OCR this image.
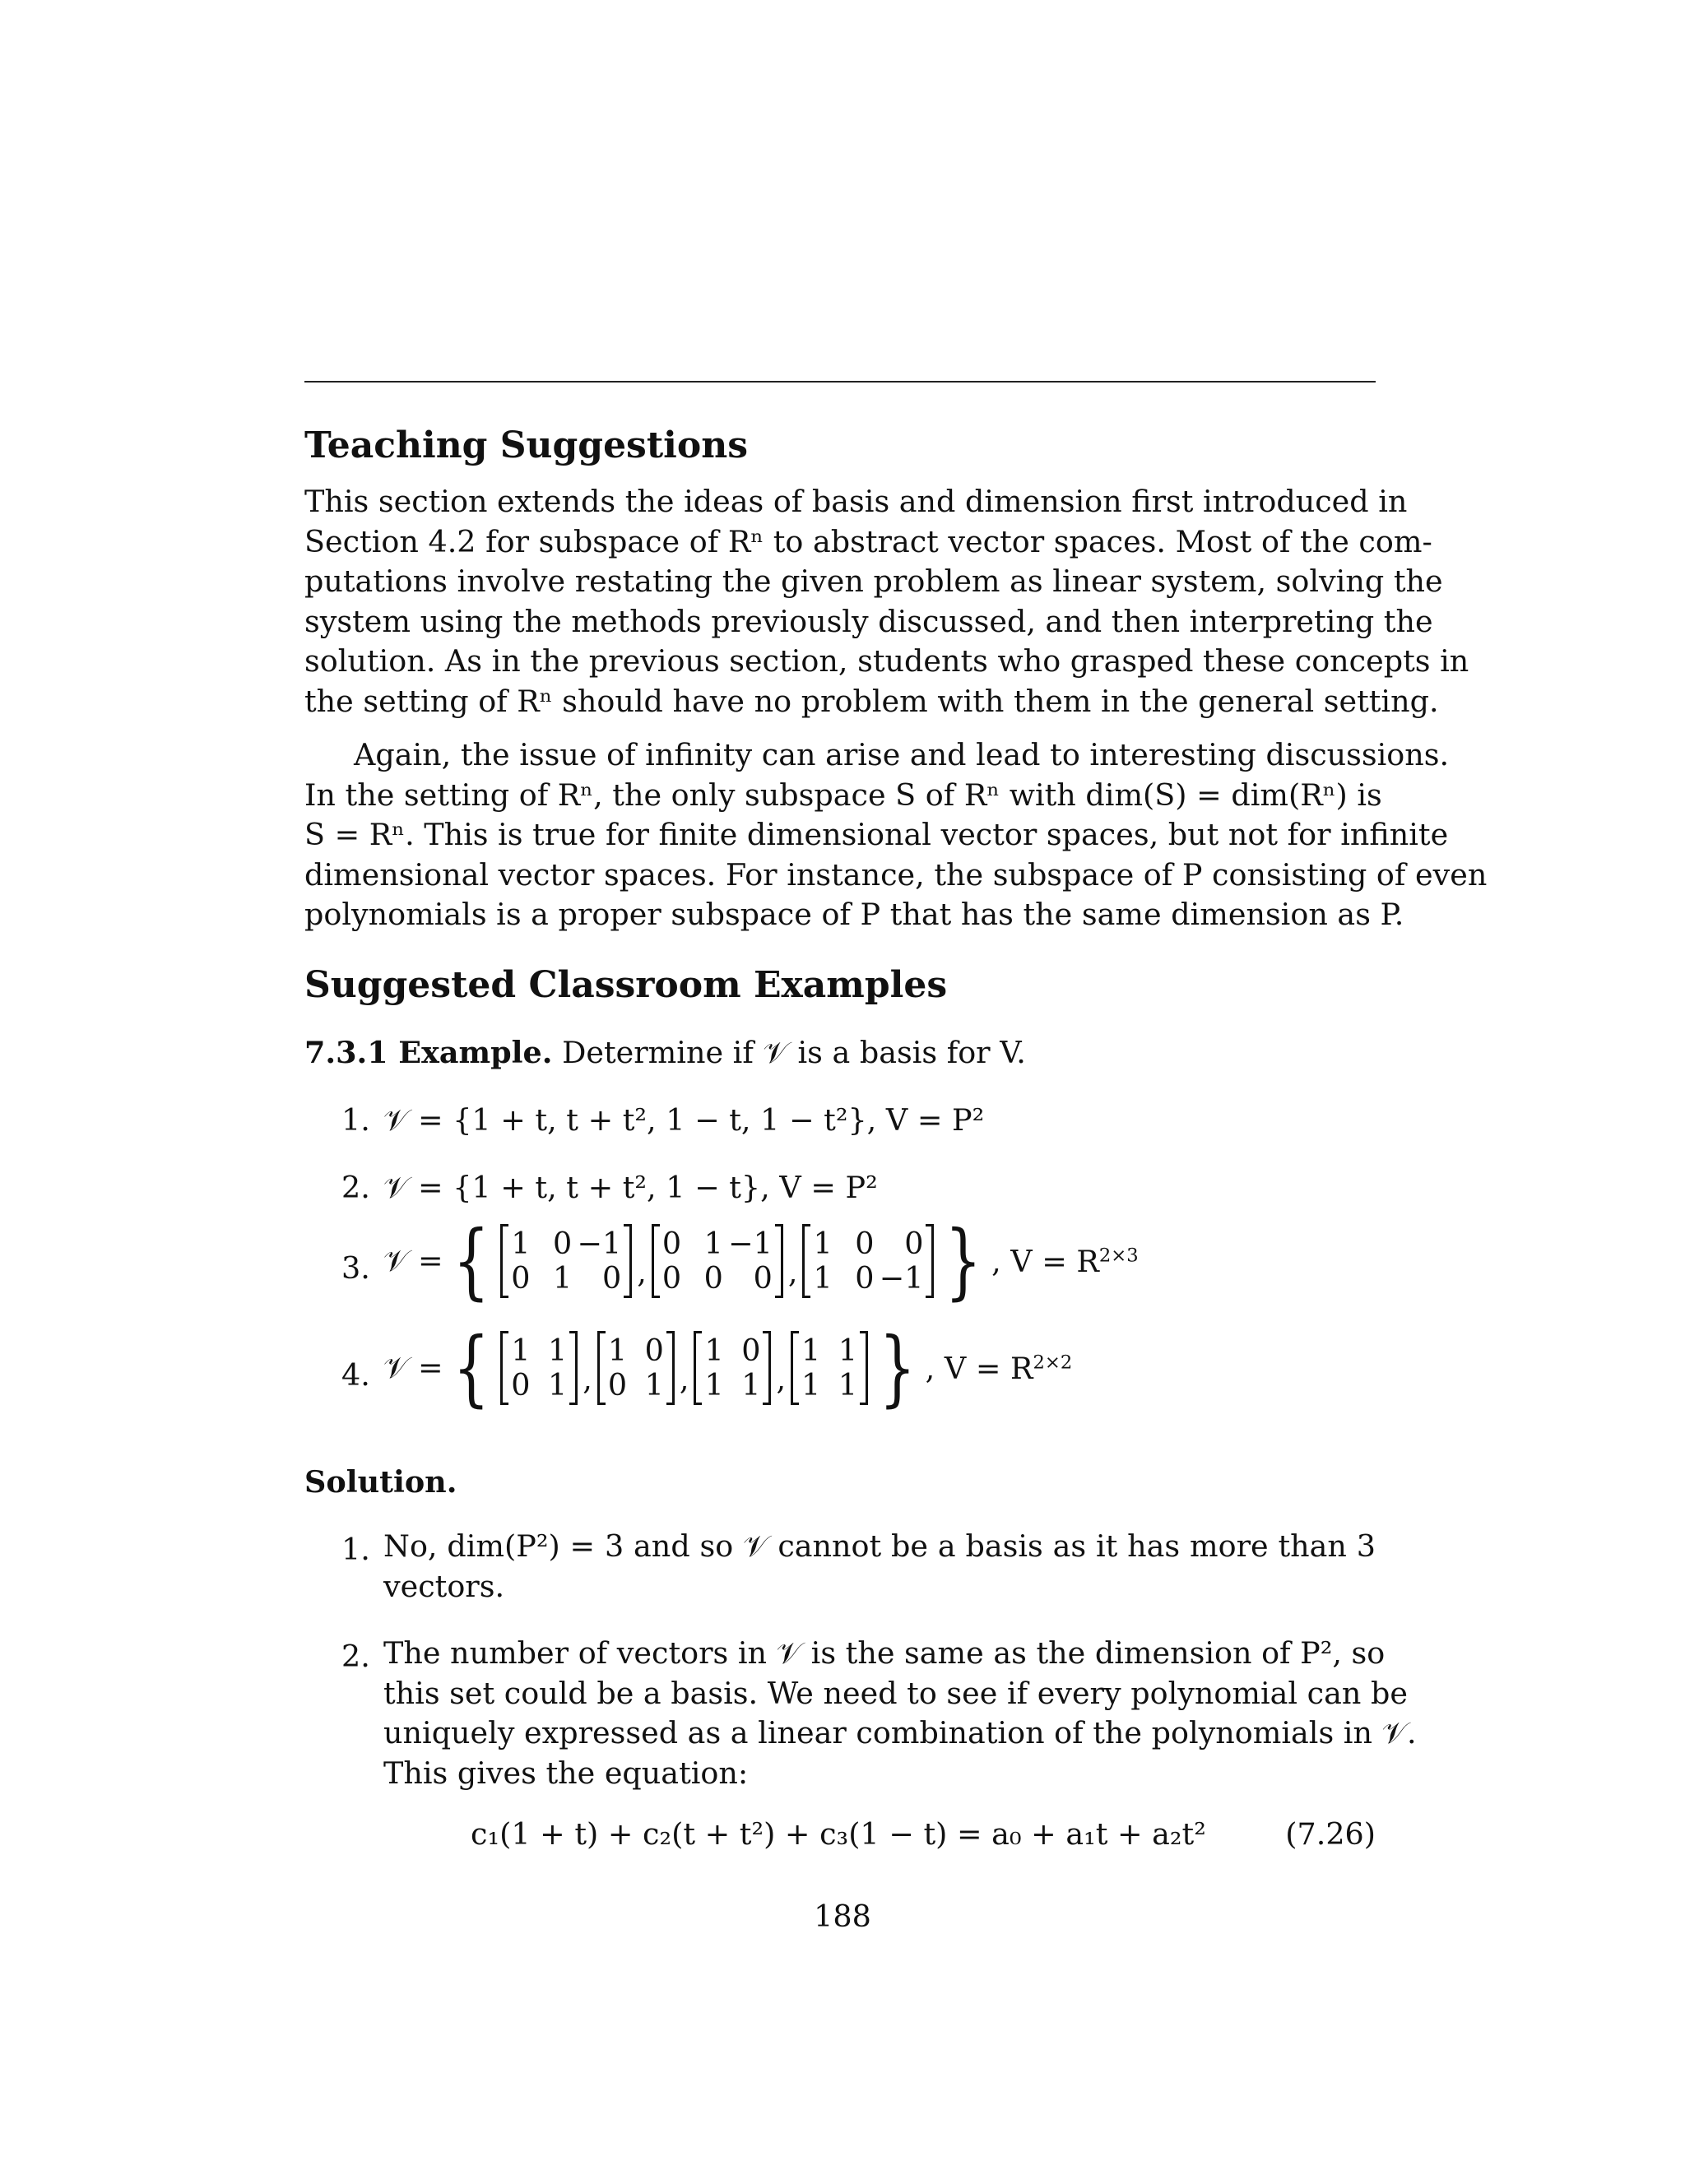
Teaching Suggestions
This section extends the ideas of basis and dimension first introduced in
Section 4.2 for subspace of Rⁿ to abstract vector spaces. Most of the com-
putations involve restating the given problem as linear system, solving the
system using the methods previously discussed, and then interpreting the
solution. As in the previous section, students who grasped these concepts in
the setting of Rⁿ should have no problem with them in the general setting.
Again, the issue of infinity can arise and lead to interesting discussions.
In the setting of Rⁿ, the only subspace S of Rⁿ with dim(S) = dim(Rⁿ) is
S = Rⁿ. This is true for finite dimensional vector spaces, but not for infinite
dimensional vector spaces. For instance, the subspace of P consisting of even
polynomials is a proper subspace of P that has the same dimension as P.
Suggested Classroom Examples
7.3.1 Example. Determine if 𝒱 is a basis for V.
1. 𝒱 = {1 + t, t + t², 1 − t, 1 − t²}, V = P²
2. 𝒱 = {1 + t, t + t², 1 − t}, V = P²
3. 𝒱 = { 1 0 −1
0 1	0 ,
0 1 −1
0 0	0 ,
1 0	0
1 0 −1 } , $V = R^{2\times 3}$
4. 𝒱 = { 1 1
0 1 ,
1 0
0 1 ,
1 0
1 1 ,
1 1
1 1 } , $V = R^{2\times 2}$
Solution.
1. No, dim(P²) = 3 and so 𝒱 cannot be a basis as it has more than 3
vectors.
2. The number of vectors in 𝒱 is the same as the dimension of P², so
this set could be a basis. We need to see if every polynomial can be
uniquely expressed as a linear combination of the polynomials in 𝒱.
This gives the equation:
c₁(1 + t) + c₂(t + t²) + c₃(1 − t) = a₀ + a₁t + a₂t²	(7.26)
188
